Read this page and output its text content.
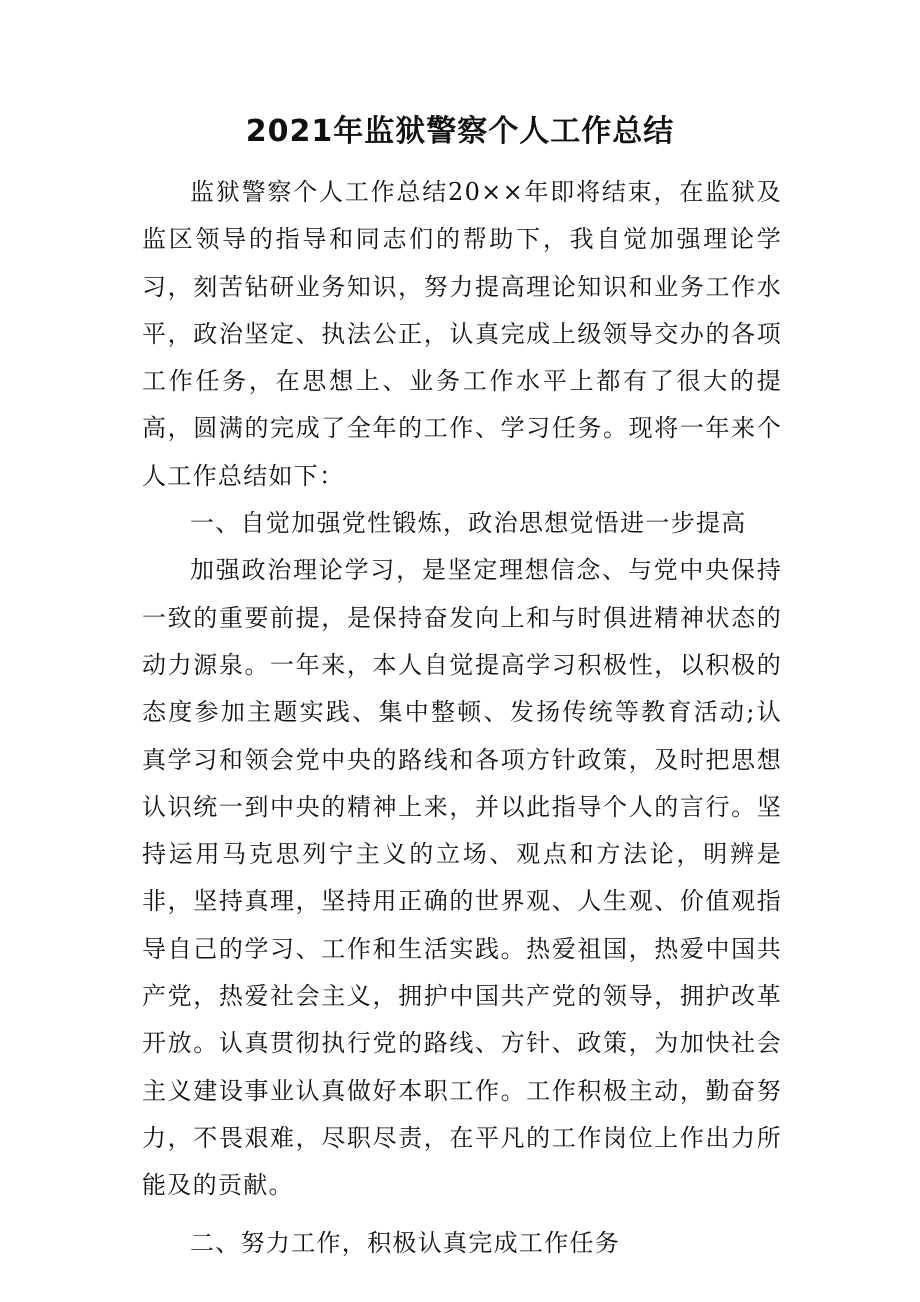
2021年监狱警察个人工作总结

监狱警察个人工作总结20××年即将结束，在监狱及监区领导的指导和同志们的帮助下，我自觉加强理论学习，刻苦钻研业务知识，努力提高理论知识和业务工作水平，政治坚定、执法公正，认真完成上级领导交办的各项工作任务，在思想上、业务工作水平上都有了很大的提高，圆满的完成了全年的工作、学习任务。现将一年来个人工作总结如下：

一、自觉加强党性锻炼，政治思想觉悟进一步提高

加强政治理论学习，是坚定理想信念、与党中央保持一致的重要前提，是保持奋发向上和与时俱进精神状态的动力源泉。一年来，本人自觉提高学习积极性，以积极的态度参加主题实践、集中整顿、发扬传统等教育活动;认真学习和领会党中央的路线和各项方针政策，及时把思想认识统一到中央的精神上来，并以此指导个人的言行。坚持运用马克思列宁主义的立场、观点和方法论，明辨是非，坚持真理，坚持用正确的世界观、人生观、价值观指导自己的学习、工作和生活实践。热爱祖国，热爱中国共产党，热爱社会主义，拥护中国共产党的领导，拥护改革开放。认真贯彻执行党的路线、方针、政策，为加快社会主义建设事业认真做好本职工作。工作积极主动，勤奋努力，不畏艰难，尽职尽责，在平凡的工作岗位上作出力所能及的贡献。

二、努力工作，积极认真完成工作任务
